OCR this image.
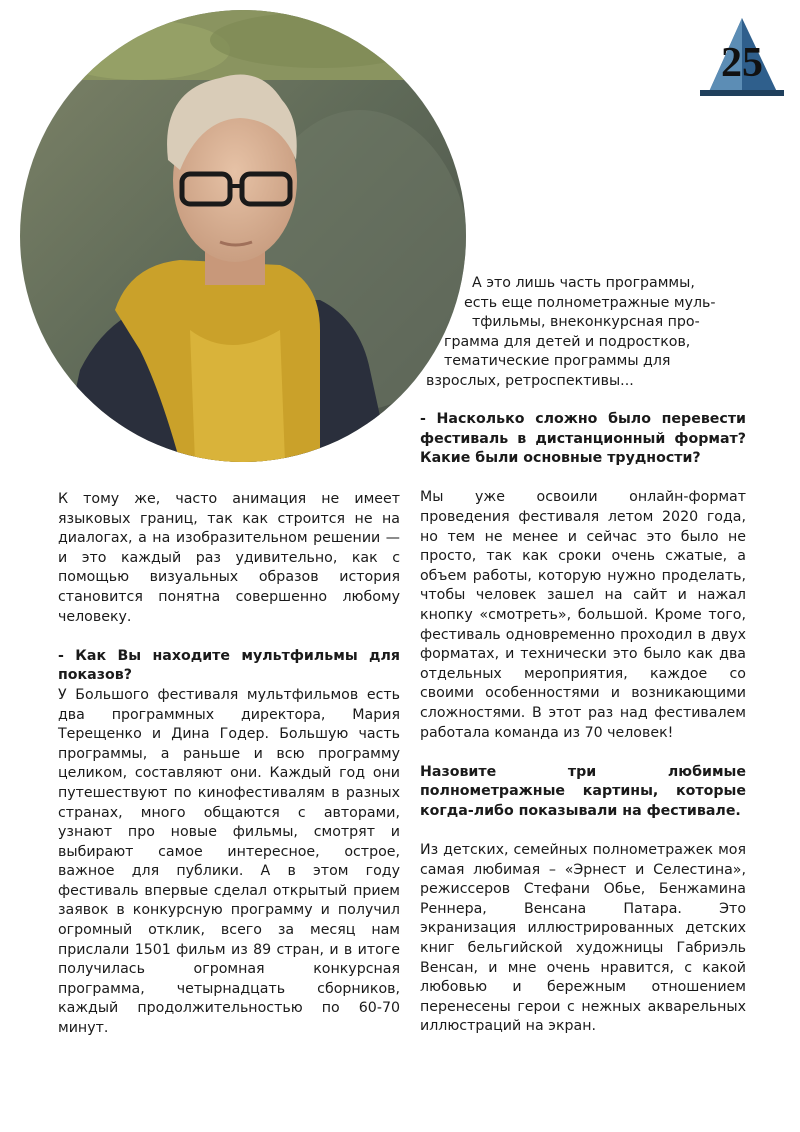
25
А это лишь часть программы,
есть еще полнометражные муль-
тфильмы, внеконкурсная про-
грамма для детей и подростков,
тематические программы для
взрослых, ретроспективы...

К тому же, часто анимация не имеет языковых границ, так как строится не на диалогах, а на изобразительном решении — и это каждый раз удивительно, как с помощью визуальных образов история становится понятна совершенно любому человеку.

- Как Вы находите мультфильмы для показов?

У Большого фестиваля мультфильмов есть два программных директора, Мария Терещенко и Дина Годер. Большую часть программы, а раньше и всю программу целиком, составляют они. Каждый год они путешествуют по кинофестивалям в разных странах, много общаются с авторами, узнают про новые фильмы, смотрят и выбирают самое интересное, острое, важное для публики. А в этом году фестиваль впервые сделал открытый прием заявок в конкурсную программу и получил огромный отклик, всего за месяц нам прислали 1501 фильм из 89 стран, и в итоге получилась огромная конкурсная программа, четырнадцать сборников, каждый продолжительностью по 60-70 минут.

- Насколько сложно было перевести фестиваль в дистанционный формат? Какие были основные трудности?

Мы уже освоили онлайн-формат проведения фестиваля летом 2020 года, но тем не менее и сейчас это было не просто, так как сроки очень сжатые, а объем работы, которую нужно проделать, чтобы человек зашел на сайт и нажал кнопку «смотреть», большой. Кроме того, фестиваль одновременно проходил в двух форматах, и технически это было как два отдельных мероприятия, каждое со своими особенностями и возникающими сложностями. В этот раз над фестивалем работала команда из 70 человек!

Назовите три любимые полнометражные картины, которые когда-либо показывали на фестивале.

Из детских, семейных полнометражек моя самая любимая – «Эрнест и Селестина», режиссеров Стефани Обье, Бенжамина Реннера, Венсана Патара. Это экранизация иллюстрированных детских книг бельгийской художницы Габриэль Венсан, и мне очень нравится, с какой любовью и бережным отношением перенесены герои с нежных акварельных иллюстраций на экран.
